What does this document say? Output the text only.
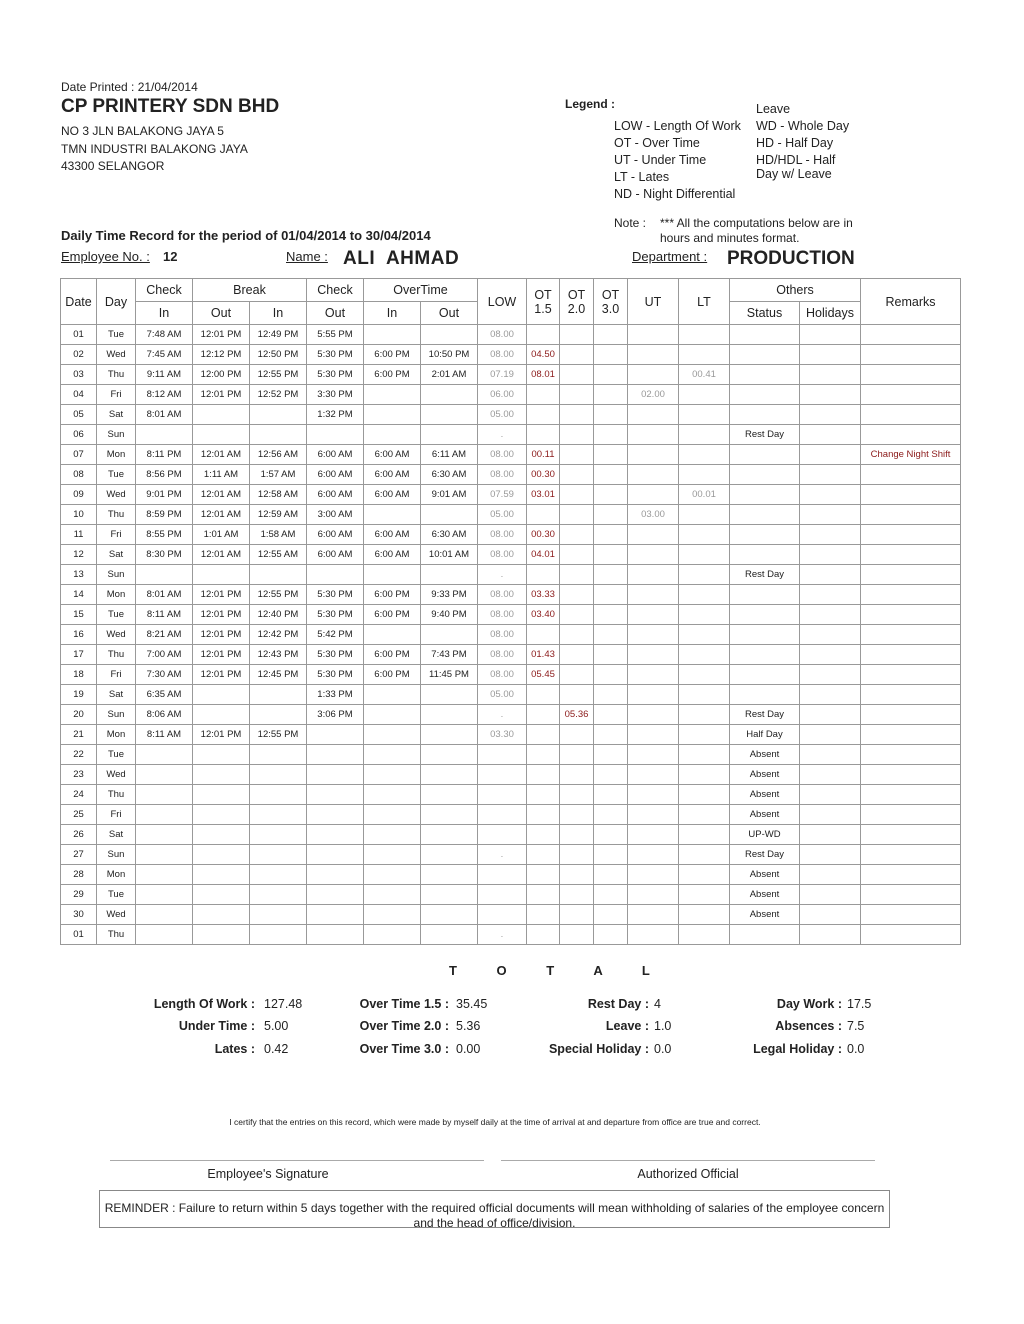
Date Printed : 21/04/2014
CP PRINTERY SDN BHD
NO 3 JLN BALAKONG JAYA 5
TMN INDUSTRI BALAKONG JAYA
43300 SELANGOR
Legend :
LOW - Length Of Work
OT - Over Time
UT - Under Time
LT - Lates
ND - Night Differential
Leave
WD - Whole Day
HD - Half Day
HD/HDL - Half
Day w/ Leave
Note : *** All the computations below are in hours and minutes format.
Daily Time Record for the period of 01/04/2014 to 30/04/2014
Employee No. : 12	Name : ALI  AHMAD	Department : PRODUCTION
Date	Day	Check	Break		Check	OverTime		LOW	OT 1.5	OT 2.0	OT 3.0	UT	LT	Others		Remarks
		In	Out	In	Out	In	Out							Status	Holidays	
01	Tue	7:48 AM	12:01 PM	12:49 PM	5:55 PM			08.00								
02	Wed	7:45 AM	12:12 PM	12:50 PM	5:30 PM	6:00 PM	10:50 PM	08.00	04.50							
03	Thu	9:11 AM	12:00 PM	12:55 PM	5:30 PM	6:00 PM	2:01 AM	07.19	08.01				00.41			
04	Fri	8:12 AM	12:01 PM	12:52 PM	3:30 PM			06.00				02.00				
05	Sat	8:01 AM			1:32 PM			05.00								
06	Sun							.						Rest Day		
07	Mon	8:11 PM	12:01 AM	12:56 AM	6:00 AM	6:00 AM	6:11 AM	08.00	00.11							Change Night Shift
08	Tue	8:56 PM	1:11 AM	1:57 AM	6:00 AM	6:00 AM	6:30 AM	08.00	00.30							
09	Wed	9:01 PM	12:01 AM	12:58 AM	6:00 AM	6:00 AM	9:01 AM	07.59	03.01				00.01			
10	Thu	8:59 PM	12:01 AM	12:59 AM	3:00 AM			05.00				03.00				
11	Fri	8:55 PM	1:01 AM	1:58 AM	6:00 AM	6:00 AM	6:30 AM	08.00	00.30							
12	Sat	8:30 PM	12:01 AM	12:55 AM	6:00 AM	6:00 AM	10:01 AM	08.00	04.01							
13	Sun							.						Rest Day		
14	Mon	8:01 AM	12:01 PM	12:55 PM	5:30 PM	6:00 PM	9:33 PM	08.00	03.33							
15	Tue	8:11 AM	12:01 PM	12:40 PM	5:30 PM	6:00 PM	9:40 PM	08.00	03.40							
16	Wed	8:21 AM	12:01 PM	12:42 PM	5:42 PM			08.00								
17	Thu	7:00 AM	12:01 PM	12:43 PM	5:30 PM	6:00 PM	7:43 PM	08.00	01.43							
18	Fri	7:30 AM	12:01 PM	12:45 PM	5:30 PM	6:00 PM	11:45 PM	08.00	05.45							
19	Sat	6:35 AM			1:33 PM			05.00								
20	Sun	8:06 AM			3:06 PM			.		05.36				Rest Day		
21	Mon	8:11 AM	12:01 PM	12:55 PM				03.30						Half Day		
22	Tue													Absent		
23	Wed													Absent		
24	Thu													Absent		
25	Fri													Absent		
26	Sat													UP-WD		
27	Sun							.						Rest Day		
28	Mon													Absent		
29	Tue													Absent		
30	Wed													Absent		
01	Thu							.								
T O T A L
Length Of Work : 127.48
Under Time : 5.00
Lates : 0.42
Over Time 1.5 : 35.45
Over Time 2.0 : 5.36
Over Time 3.0 : 0.00
Rest Day : 4
Leave : 1.0
Special Holiday : 0.0
Day Work : 17.5
Absences : 7.5
Legal Holiday : 0.0
I certify that the entries on this record, which were made by myself daily at the time of arrival at and departure from office are true and correct.
Employee's Signature	Authorized Official
REMINDER : Failure to return within 5 days together with the required official documents will mean withholding of salaries of the employee concern and the head of office/division.
